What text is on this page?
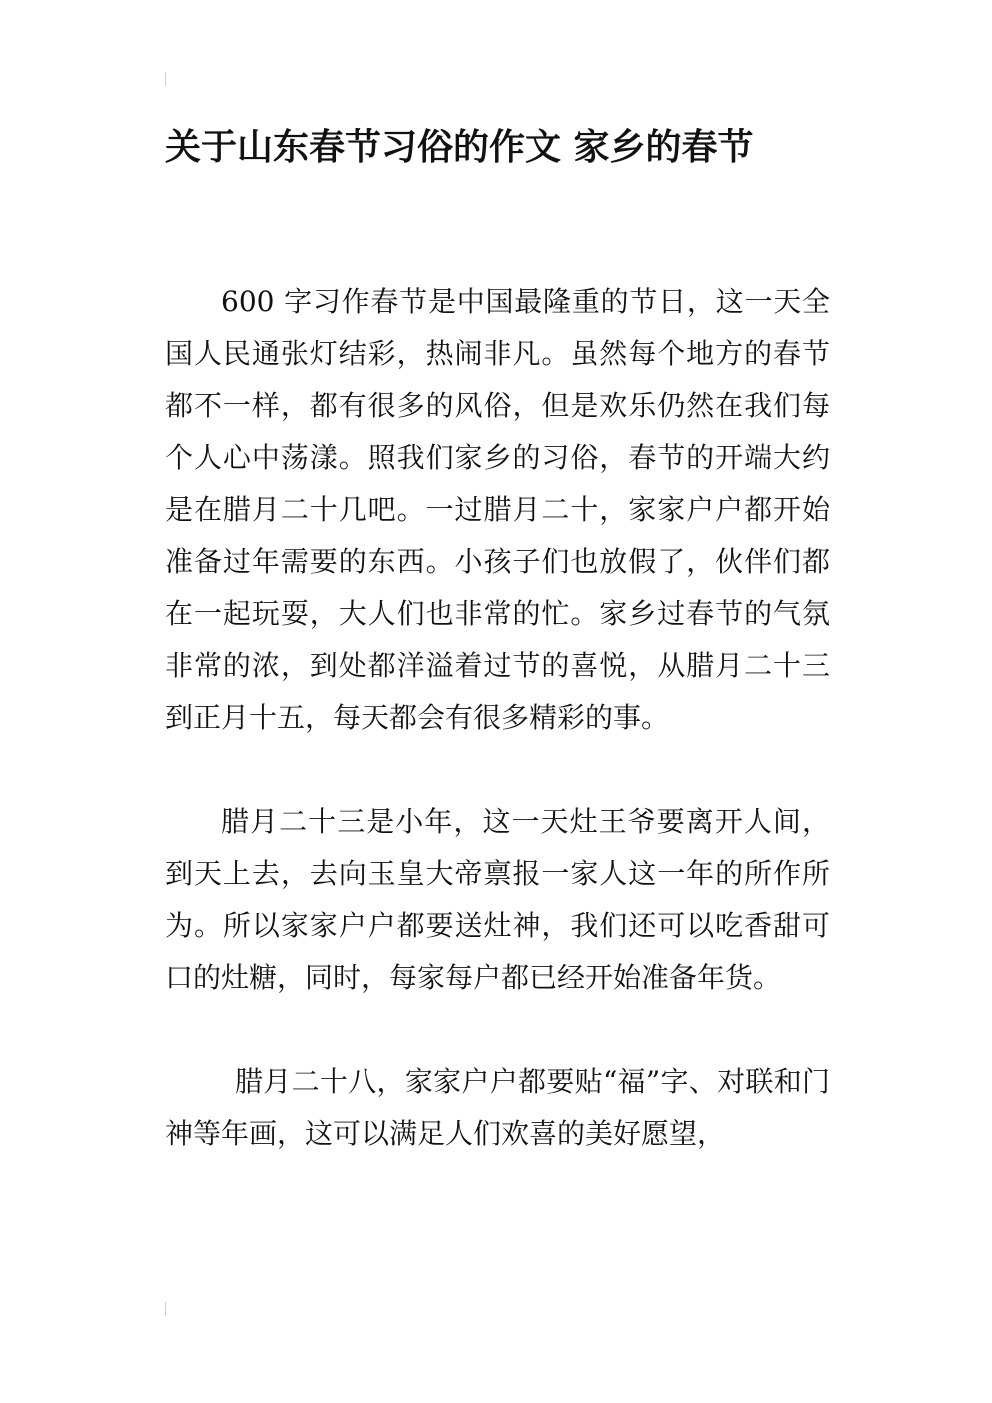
关于山东春节习俗的作文 家乡的春节

600 字习作春节是中国最隆重的节日，这一天全国人民通张灯结彩，热闹非凡。虽然每个地方的春节都不一样，都有很多的风俗，但是欢乐仍然在我们每个人心中荡漾。照我们家乡的习俗，春节的开端大约是在腊月二十几吧。一过腊月二十，家家户户都开始准备过年需要的东西。小孩子们也放假了，伙伴们都在一起玩耍，大人们也非常的忙。家乡过春节的气氛非常的浓，到处都洋溢着过节的喜悦，从腊月二十三到正月十五，每天都会有很多精彩的事。

腊月二十三是小年，这一天灶王爷要离开人间，到天上去，去向玉皇大帝禀报一家人这一年的所作所为。所以家家户户都要送灶神，我们还可以吃香甜可口的灶糖，同时，每家每户都已经开始准备年货。

腊月二十八，家家户户都要贴“福”字、对联和门神等年画，这可以满足人们欢喜的美好愿望，
